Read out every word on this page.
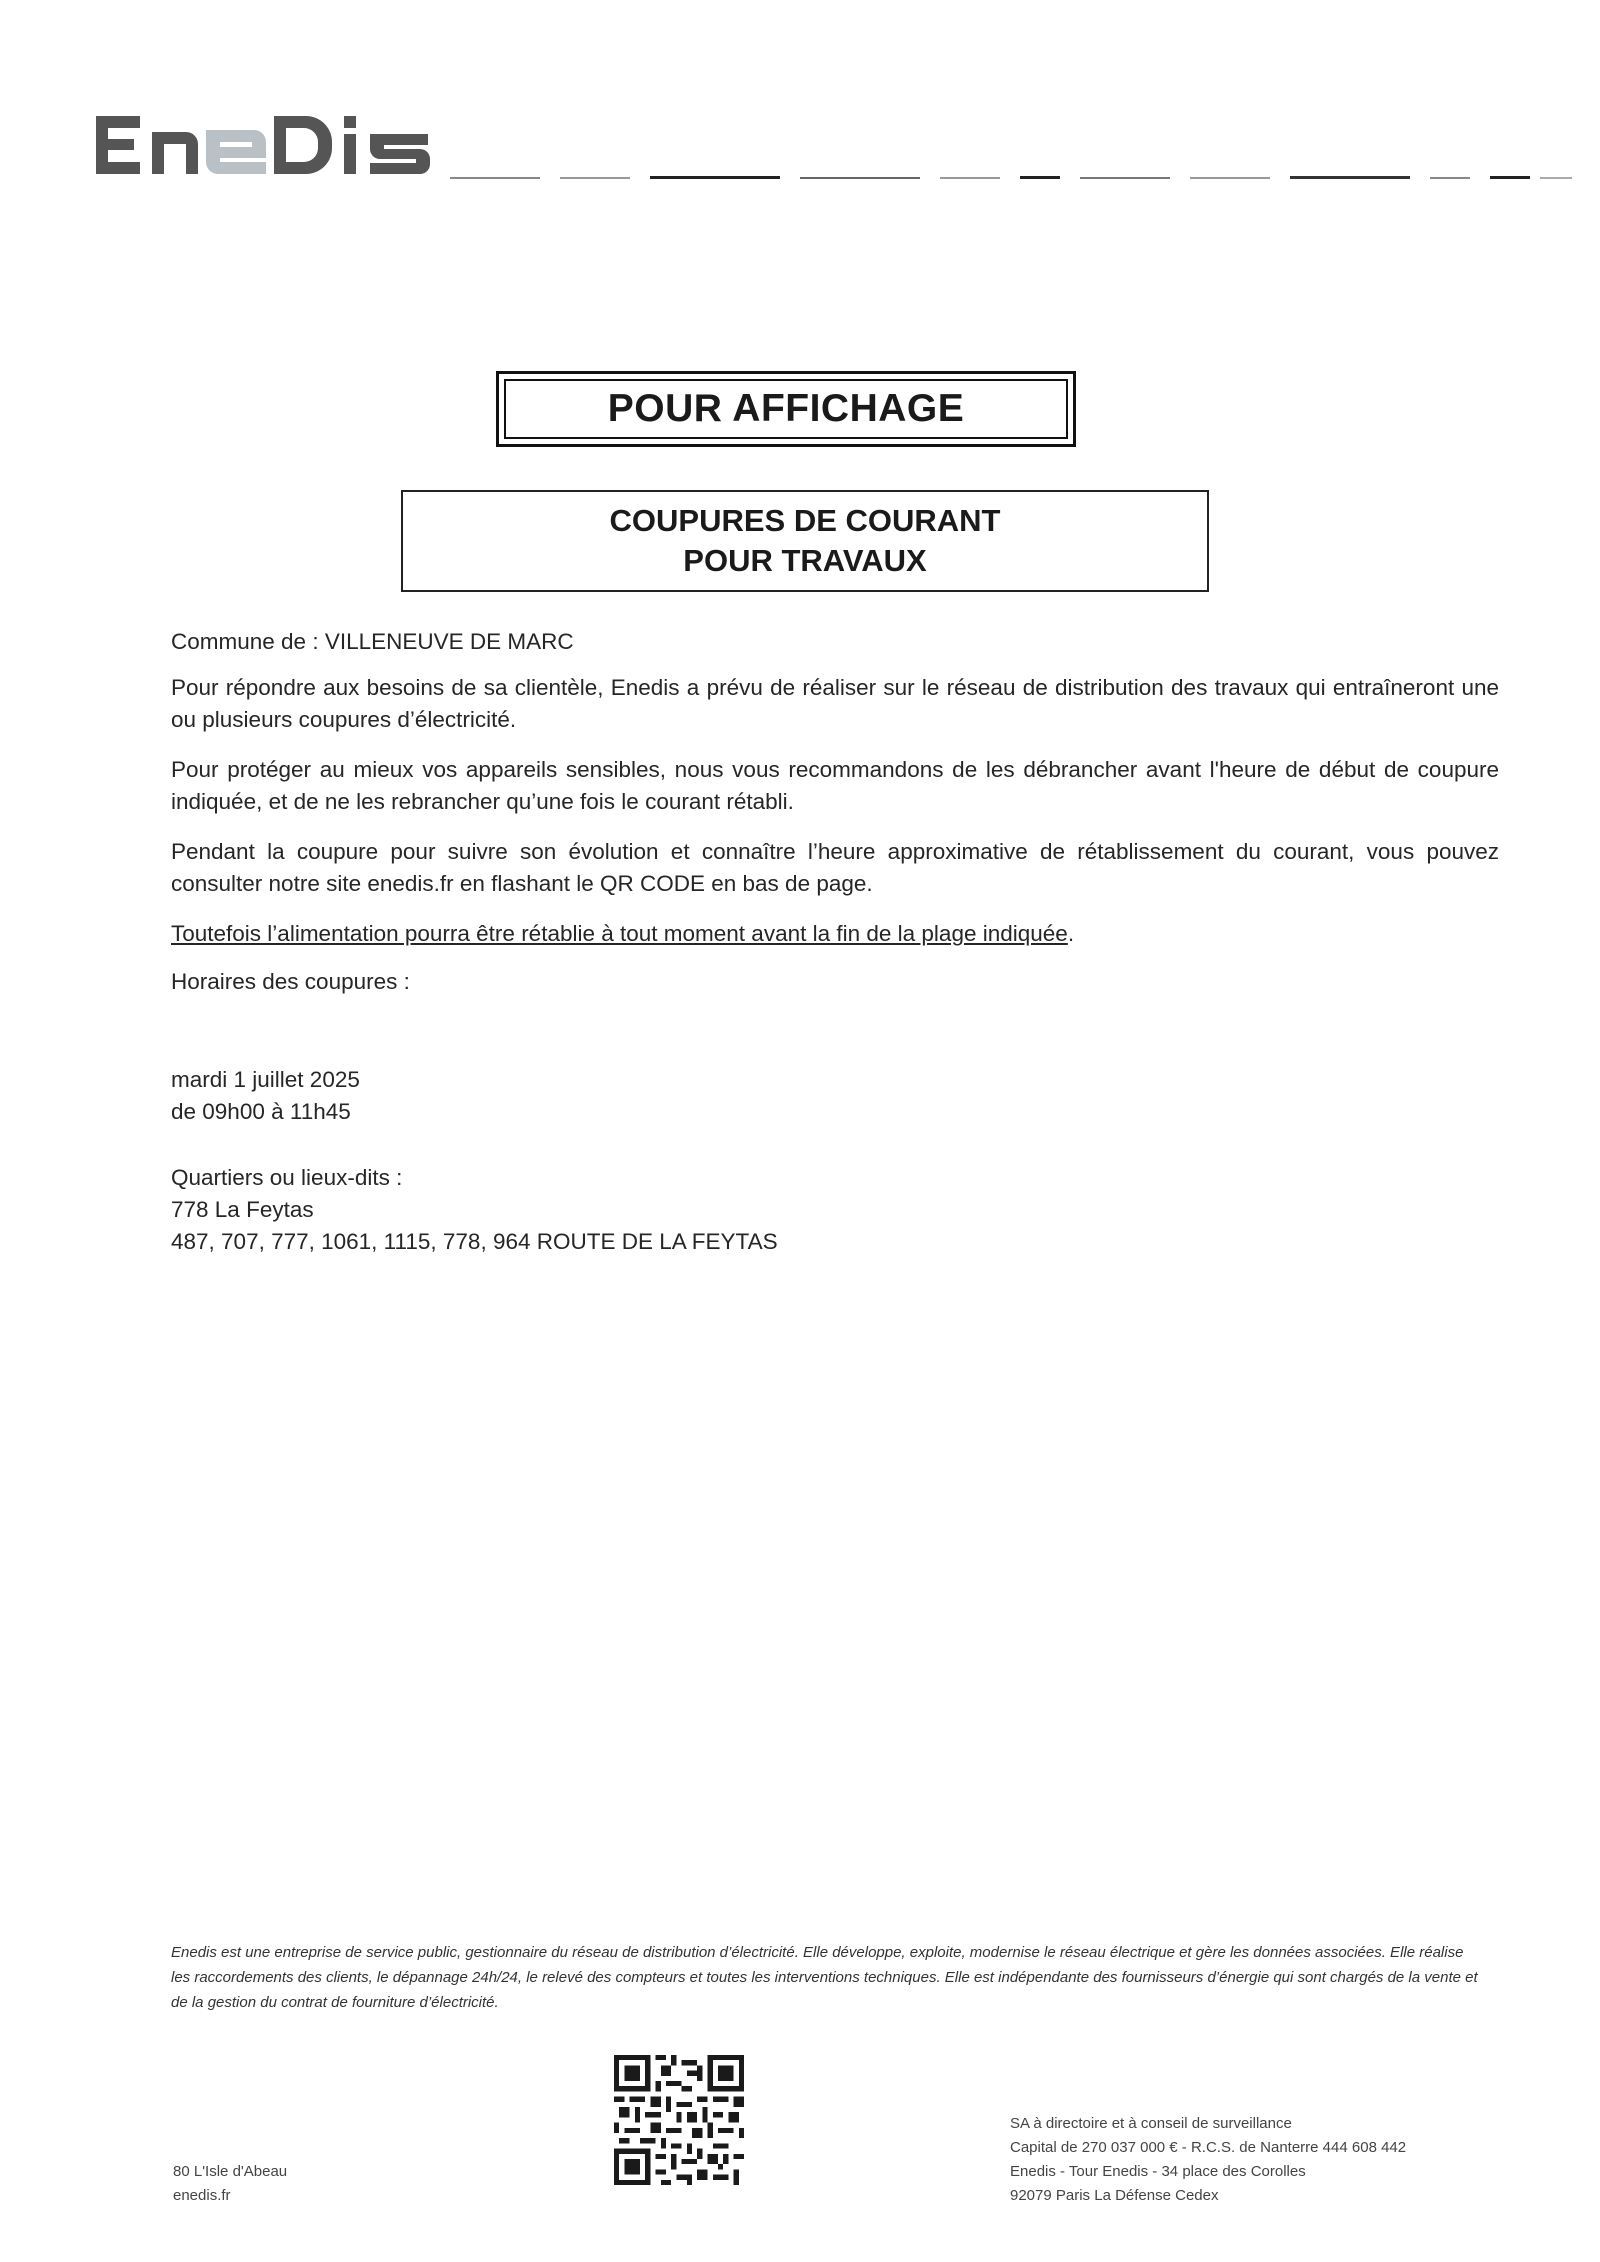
POUR AFFICHAGE
COUPURES DE COURANT
POUR TRAVAUX
Commune de : VILLENEUVE DE MARC
Pour répondre aux besoins de sa clientèle, Enedis a prévu de réaliser sur le réseau de distribution des travaux qui entraîneront une ou plusieurs coupures d’électricité.
Pour protéger au mieux vos appareils sensibles, nous vous recommandons de les débrancher avant l'heure de début de coupure indiquée, et de ne les rebrancher qu’une fois le courant rétabli.
Pendant la coupure pour suivre son évolution et connaître l’heure approximative de rétablissement du courant, vous pouvez consulter notre site enedis.fr en flashant le QR CODE en bas de page.
Toutefois l’alimentation pourra être rétablie à tout moment avant la fin de la plage indiquée.
Horaires des coupures :
mardi 1 juillet 2025
de 09h00 à 11h45
Quartiers ou lieux-dits :
778 La Feytas
487, 707, 777, 1061, 1115, 778, 964 ROUTE DE LA FEYTAS
Enedis est une entreprise de service public, gestionnaire du réseau de distribution d’électricité. Elle développe, exploite, modernise le réseau électrique et gère les données associées. Elle réalise les raccordements des clients, le dépannage 24h/24, le relevé des compteurs et toutes les interventions techniques. Elle est indépendante des fournisseurs d’énergie qui sont chargés de la vente et de la gestion du contrat de fourniture d’électricité.
80 L'Isle d'Abeau
enedis.fr
SA à directoire et à conseil de surveillance
Capital de 270 037 000 € - R.C.S. de Nanterre 444 608 442
Enedis - Tour Enedis - 34 place des Corolles
92079 Paris La Défense Cedex
